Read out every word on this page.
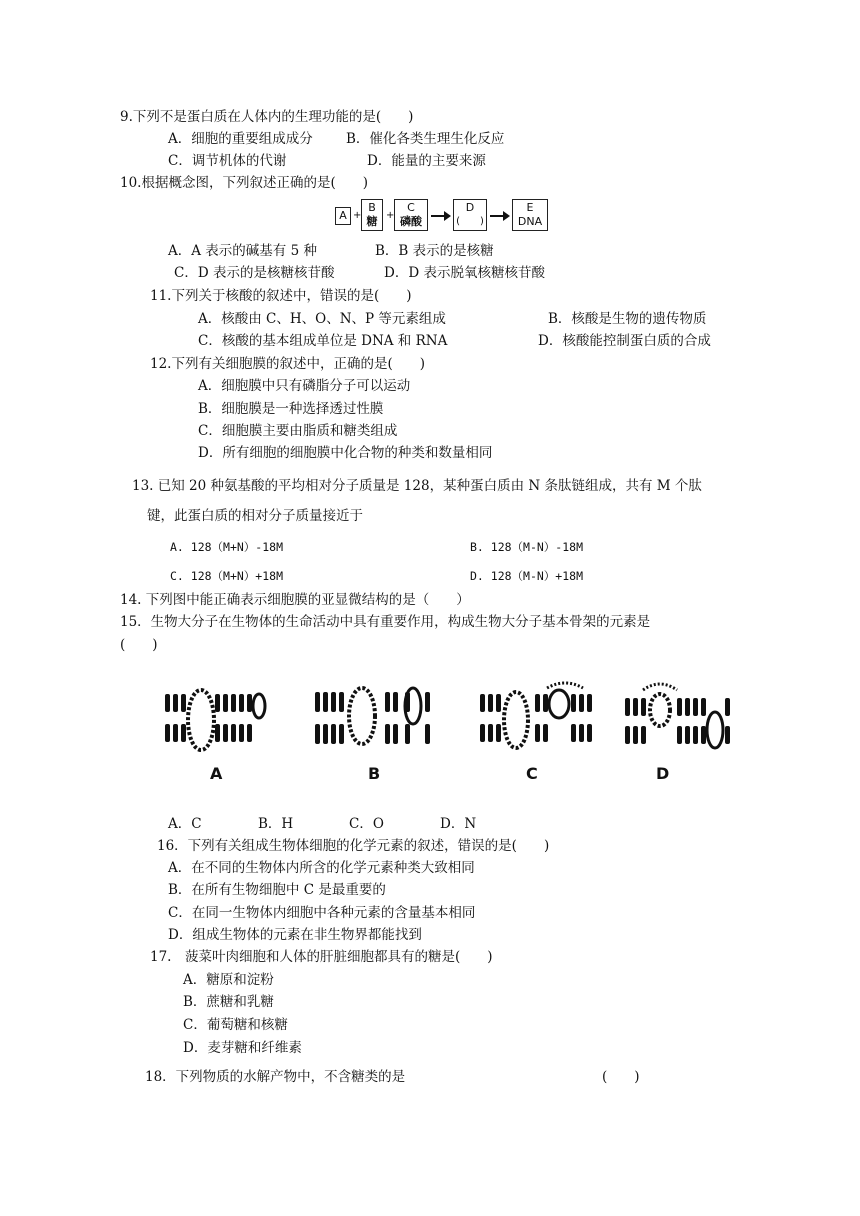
9.下列不是蛋白质在人体内的生理功能的是(　　)
A．细胞的重要组成成分 B．催化各类生理生化反应
C．调节机体的代谢	D．能量的主要来源
10.根据概念图，下列叙述正确的是(　　)
A +
B
糖 +
C
磷酸
D
(　　)
E
DNA
A．A 表示的碱基有 5 种	B．B 表示的是核糖
C．D 表示的是核糖核苷酸	D．D 表示脱氧核糖核苷酸
11.下列关于核酸的叙述中，错误的是(　　)
A．核酸由 C、H、O、N、P 等元素组成	B．核酸是生物的遗传物质
C．核酸的基本组成单位是 DNA 和 RNA	D．核酸能控制蛋白质的合成
12.下列有关细胞膜的叙述中，正确的是(　　)
A．细胞膜中只有磷脂分子可以运动
B．细胞膜是一种选择透过性膜
C．细胞膜主要由脂质和糖类组成
D．所有细胞的细胞膜中化合物的种类和数量相同
13. 已知 20 种氨基酸的平均相对分子质量是 128，某种蛋白质由 N 条肽链组成，共有 M 个肽
键，此蛋白质的相对分子质量接近于
A. 128（M+N）-18M	B. 128（M-N）-18M
C. 128（M+N）+18M	D. 128（M-N）+18M
14. 下列图中能正确表示细胞膜的亚显微结构的是（　　）
15．生物大分子在生物体的生命活动中具有重要作用，构成生物大分子基本骨架的元素是
(　　)
A	B	C	D
A．C	B．H	C．O	D．N
16．下列有关组成生物体细胞的化学元素的叙述，错误的是(　　)
A．在不同的生物体内所含的化学元素种类大致相同
B．在所有生物细胞中 C 是最重要的
C．在同一生物体内细胞中各种元素的含量基本相同
D．组成生物体的元素在非生物界都能找到
17.　菠菜叶肉细胞和人体的肝脏细胞都具有的糖是(　　)
A．糖原和淀粉
B．蔗糖和乳糖
C．葡萄糖和核糖
D．麦芽糖和纤维素
18．下列物质的水解产物中，不含糖类的是	(　　)
